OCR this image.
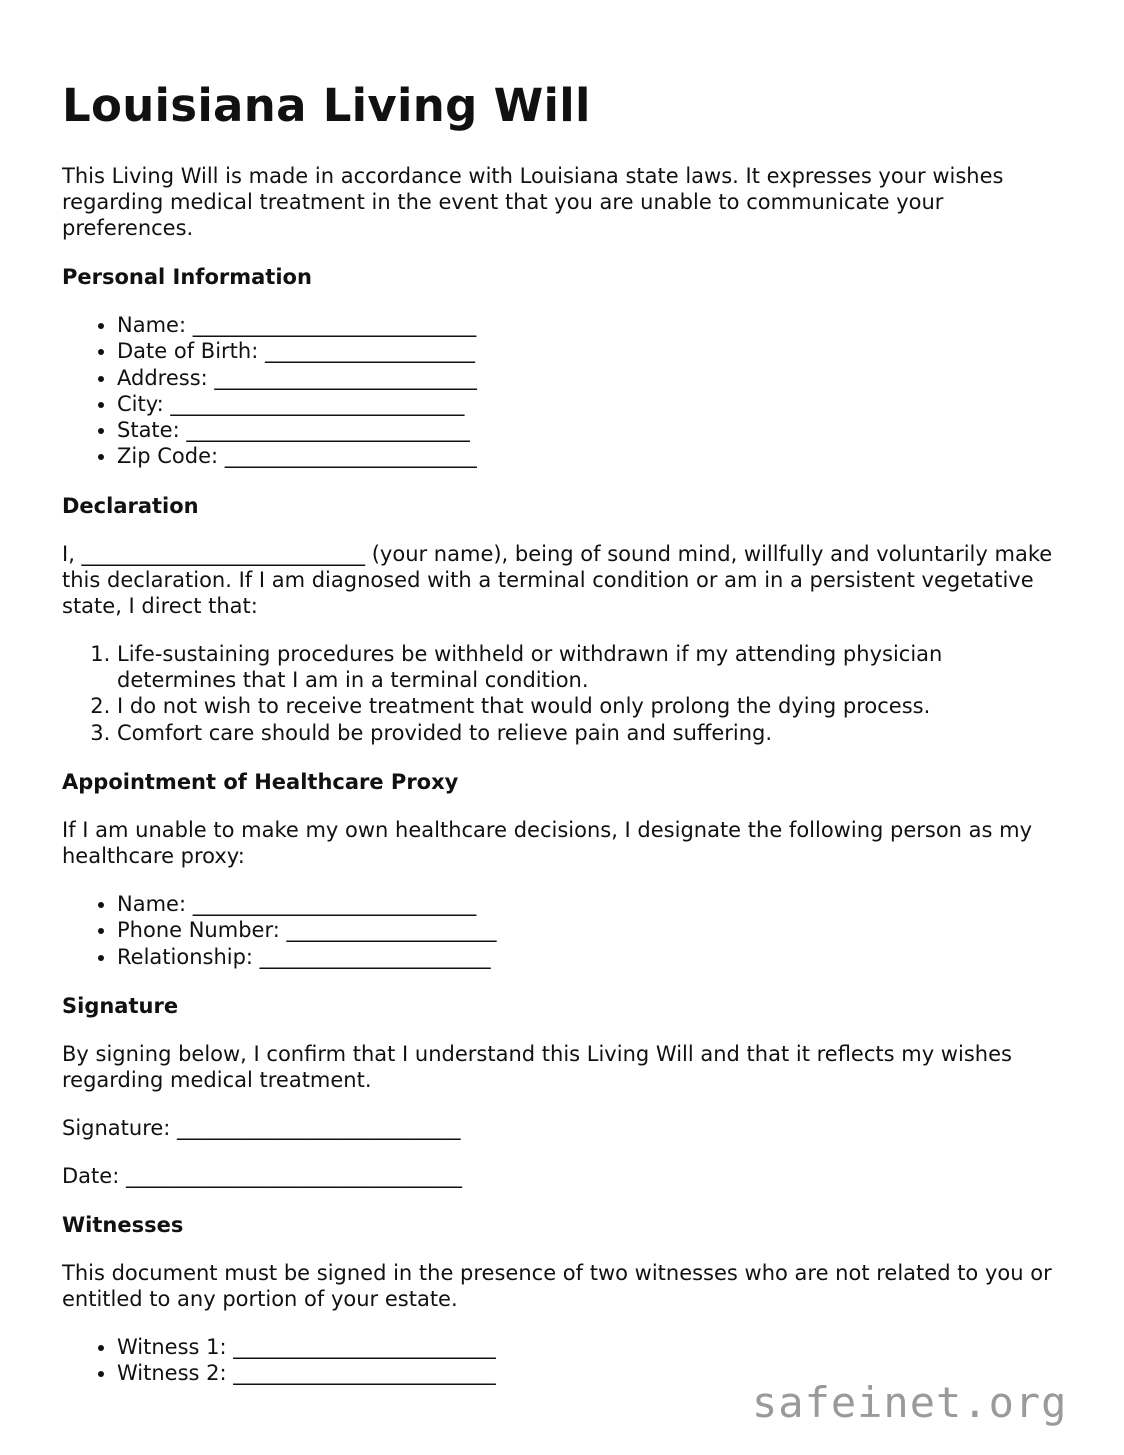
Louisiana Living Will

This Living Will is made in accordance with Louisiana state laws. It expresses your wishes regarding medical treatment in the event that you are unable to communicate your preferences.

Personal Information
• Name: ___________________________
• Date of Birth: ____________________
• Address: _________________________
• City: ____________________________
• State: ___________________________
• Zip Code: ________________________
Declaration

I, ___________________________ (your name), being of sound mind, willfully and voluntarily make this declaration. If I am diagnosed with a terminal condition or am in a persistent vegetative state, I direct that:

1. Life-sustaining procedures be withheld or withdrawn if my attending physician determines that I am in a terminal condition.
2. I do not wish to receive treatment that would only prolong the dying process.
3. Comfort care should be provided to relieve pain and suffering.
Appointment of Healthcare Proxy

If I am unable to make my own healthcare decisions, I designate the following person as my healthcare proxy:

• Name: ___________________________
• Phone Number: ____________________
• Relationship: ______________________
Signature

By signing below, I confirm that I understand this Living Will and that it reflects my wishes regarding medical treatment.

Signature: ___________________________

Date: ________________________________

Witnesses

This document must be signed in the presence of two witnesses who are not related to you or entitled to any portion of your estate.

• Witness 1: _________________________
• Witness 2: _________________________
safeinet.org
